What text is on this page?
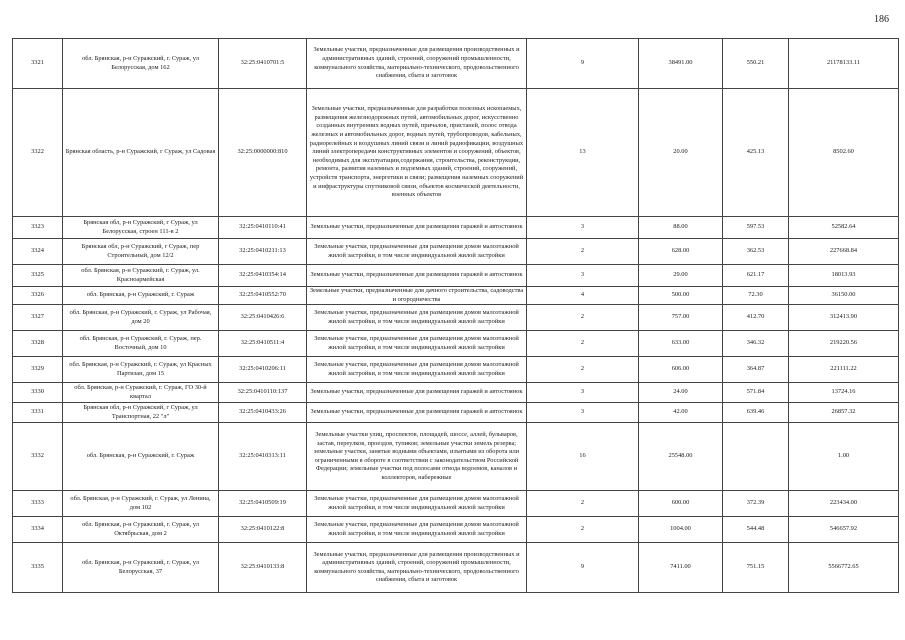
186
3321	обл. Брянская, р-н Суражский, г. Сураж, ул Белорусская, дом 162	32:25:0410701:5	Земельные участки, предназначенные для размещения производственных и административных зданий, строений, сооружений промышленности, коммунального хозяйства, материально-технического, продовольственного снабжения, сбыта и заготовок	9	38491.00	550.21	21178133.11
3322	Брянская область, р-н Суражский, г Сураж, ул Садовая	32:25:0000000:810	Земельные участки, предназначенные для разработки полезных ископаемых, размещения железнодорожных путей, автомобильных дорог, искусственно созданных внутренних водных путей, причалов, пристаней, полос отвода железных и автомобильных дорог, водных путей, трубопроводов, кабельных, радиорелейных и воздушных линий связи и линий радиофикации, воздушных линий электропередачи конструктивных элементов и сооружений, объектов, необходимых для эксплуатации,содержания, строительства, реконструкции, ремонта, развития наземных и подземных зданий, строений, сооружений, устройств транспорта, энергетики и связи; размещения наземных сооружений и инфраструктуры спутниковой связи, объектов космической деятельности, военных объектов	13	20.00	425.13	8502.60
3323	Брянская обл, р-н Суражский, г Сураж, ул Белорусская, строен 111-в 2	32:25:0410110:41	Земельные участки, предназначенные для размещения гаражей и автостоянок	3	88.00	597.53	52582.64
3324	Брянская обл, р-н Суражский, г Сураж, пер Строительный, дом 12/2	32:25:0410211:13	Земельные участки, предназначенные для размещения домов малоэтажной жилой застройки, в том числе индивидуальной жилой застройки	2	628.00	362.53	227668.84
3325	обл. Брянская, р-н Суражский, г. Сураж, ул. Красноармейская	32:25:0410354:14	Земельные участки, предназначенные для размещения гаражей и автостоянок	3	29.00	621.17	18013.93
3326	обл. Брянская, р-н Суражский, г. Сураж	32:25:0410552:70	Земельные участки, предназначенные для дачного строительства, садоводства и огородничества	4	500.00	72.30	36150.00
3327	обл. Брянская, р-н Суражский, г. Сураж, ул Рабочая, дом 20	32:25:0410426:6	Земельные участки, предназначенные для размещения домов малоэтажной жилой застройки, в том числе индивидуальной жилой застройки	2	757.00	412.70	312413.90
3328	обл. Брянская, р-н Суражский, г. Сураж, пер. Восточный, дом 10	32:25:0410511:4	Земельные участки, предназначенные для размещения домов малоэтажной жилой застройки, в том числе индивидуальной жилой застройки	2	633.00	346.32	219220.56
3329	обл. Брянская, р-н Суражский, г. Сураж, ул Красных Партизан, дом 15	32:25:0410206:11	Земельные участки, предназначенные для размещения домов малоэтажной жилой застройки, в том числе индивидуальной жилой застройки	2	606.00	364.87	221111.22
3330	обл. Брянская, р-н Суражский, г. Сураж, ГО 30-й квартал	32:25:0410110:137	Земельные участки, предназначенные для размещения гаражей и автостоянок	3	24.00	571.84	13724.16
3331	Брянская обл, р-н Суражский, г Сураж, ул Транспортная, 22 "л"	32:25:0410433:26	Земельные участки, предназначенные для размещения гаражей и автостоянок	3	42.00	639.46	26857.32
3332	обл. Брянская, р-н Суражский, г. Сураж	32:25:0410313:11	Земельные участки улиц, проспектов, площадей, шоссе, аллей, бульваров, застав, переулков, проездов, тупиков; земельные участки земель резерва; земельные участки, занятые водными объектами, изъятыми из оборота или ограниченными в обороте в соответствии с законодательством Российской Федерации; земельные участки под полосами отвода водоемов, каналов и коллекторов, набережные	16	25548.00		1.00
3333	обл. Брянская, р-н Суражский, г. Сураж, ул Ленина, дом 102	32:25:0410509:19	Земельные участки, предназначенные для размещения домов малоэтажной жилой застройки, в том числе индивидуальной жилой застройки	2	600.00	372.39	223434.00
3334	обл. Брянская, р-н Суражский, г. Сураж, ул Октябрьская, дом 2	32:25:0410122:8	Земельные участки, предназначенные для размещения домов малоэтажной жилой застройки, в том числе индивидуальной жилой застройки	2	1004.00	544.48	546657.92
3335	обл. Брянская, р-н Суражский, г. Сураж, ул Белорусская, 37	32:25:0410133:8	Земельные участки, предназначенные для размещения производственных и административных зданий, строений, сооружений промышленности, коммунального хозяйства, материально-технического, продовольственного снабжения, сбыта и заготовок	9	7411.00	751.15	5566772.65
